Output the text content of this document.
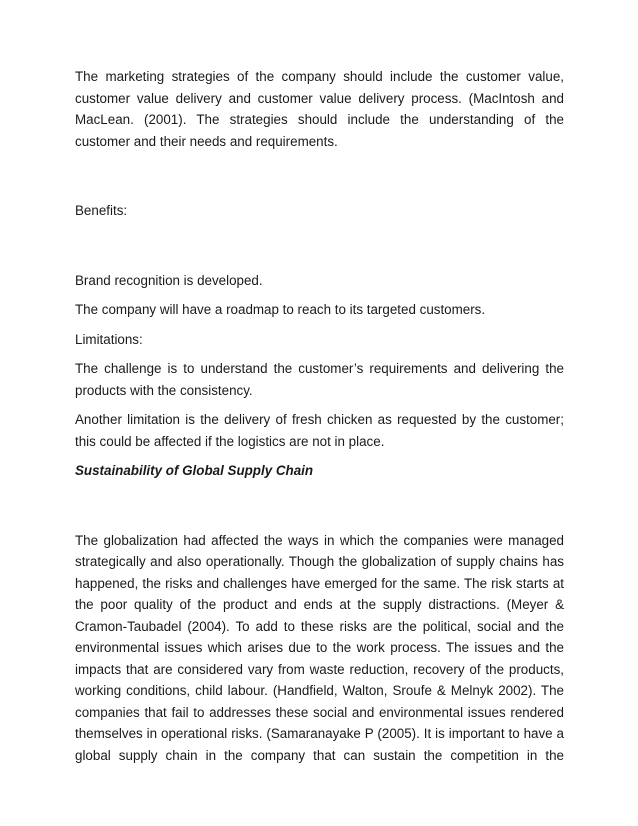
The marketing strategies of the company should include the customer value, customer value delivery and customer value delivery process. (MacIntosh and MacLean. (2001). The strategies should include the understanding of the customer and their needs and requirements.

Benefits:

Brand recognition is developed.

The company will have a roadmap to reach to its targeted customers.

Limitations:

The challenge is to understand the customer’s requirements and delivering the products with the consistency.

Another limitation is the delivery of fresh chicken as requested by the customer; this could be affected if the logistics are not in place.

Sustainability of Global Supply Chain

The globalization had affected the ways in which the companies were managed strategically and also operationally. Though the globalization of supply chains has happened, the risks and challenges have emerged for the same. The risk starts at the poor quality of the product and ends at the supply distractions. (Meyer & Cramon-Taubadel (2004). To add to these risks are the political, social and the environmental issues which arises due to the work process. The issues and the impacts that are considered vary from waste reduction, recovery of the products, working conditions, child labour. (Handfield, Walton, Sroufe & Melnyk 2002). The companies that fail to addresses these social and environmental issues rendered themselves in operational risks. (Samaranayake P (2005). It is important to have a global supply chain in the company that can sustain the competition in the
